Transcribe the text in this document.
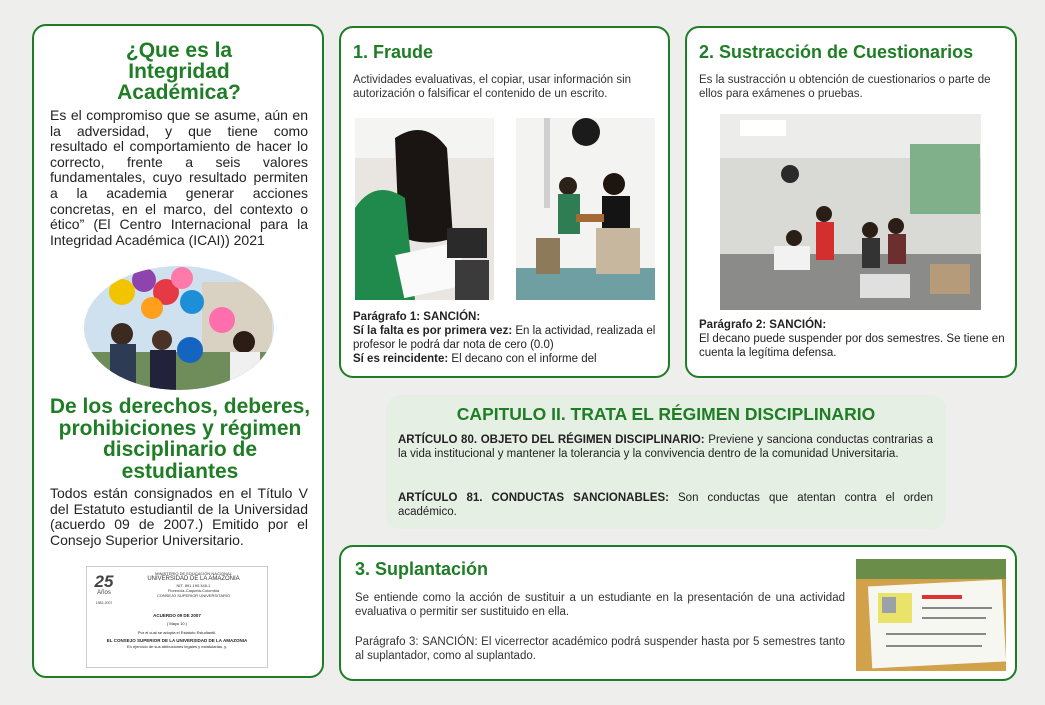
¿Que es la Integridad Académica?

Es el compromiso que se asume, aún en la adversidad, y que tiene como resultado el comportamiento de hacer lo correcto, frente a seis valores fundamentales, cuyo resultado permiten a la academia generar acciones concretas, en el marco, del contexto o ético” (El Centro Internacional para la Integridad Académica (ICAI)) 2021

De los derechos, deberes, prohibiciones y régimen disciplinario de estudiantes

Todos están consignados en el Título V del Estatuto estudiantil de la Universidad (acuerdo 09 de 2007.) Emitido por el Consejo Superior Universitario.

25
Años
1982-2007
MINISTERIO DE EDUCACIÓN NACIONAL
UNIVERSIDAD DE LA AMAZONIA
NIT. 891.190.346-1
Florencia-Caquetá-Colombia
CONSEJO SUPERIOR UNIVERSITARIO
ACUERDO 09 DE 2007
( Mayo 10 )
Por el cual se adopta el Estatuto Estudiantil.
EL CONSEJO SUPERIOR DE LA UNIVERSIDAD DE LA AMAZONIA
En ejercicio de sus atribuciones legales y estatutarias, y,
1. Fraude

Actividades evaluativas, el copiar, usar información sin autorización o falsificar el contenido de un escrito.

Parágrafo 1: SANCIÓN:
Sí la falta es por primera vez: En la actividad, realizada el profesor le podrá dar nota de cero (0.0)
Sí es reincidente: El decano con el informe del
2. Sustracción de Cuestionarios

Es la sustracción u obtención de cuestionarios o parte de ellos para exámenes o pruebas.

Parágrafo 2: SANCIÓN:
El decano puede suspender por dos semestres. Se tiene en cuenta la legítima defensa.
CAPITULO II. TRATA EL RÉGIMEN DISCIPLINARIO

ARTÍCULO 80. OBJETO DEL RÉGIMEN DISCIPLINARIO: Previene y sanciona conductas contrarias a la vida institucional y mantener la tolerancia y la convivencia dentro de la comunidad Universitaria.

ARTÍCULO 81. CONDUCTAS SANCIONABLES: Son conductas que atentan contra el orden académico.

3. Suplantación

Se entiende como la acción de sustituir a un estudiante en la presentación de una actividad evaluativa o permitir ser sustituido en ella.

Parágrafo 3: SANCIÓN: El vicerrector académico podrá suspender hasta por 5 semestres tanto al suplantador, como al suplantado.
